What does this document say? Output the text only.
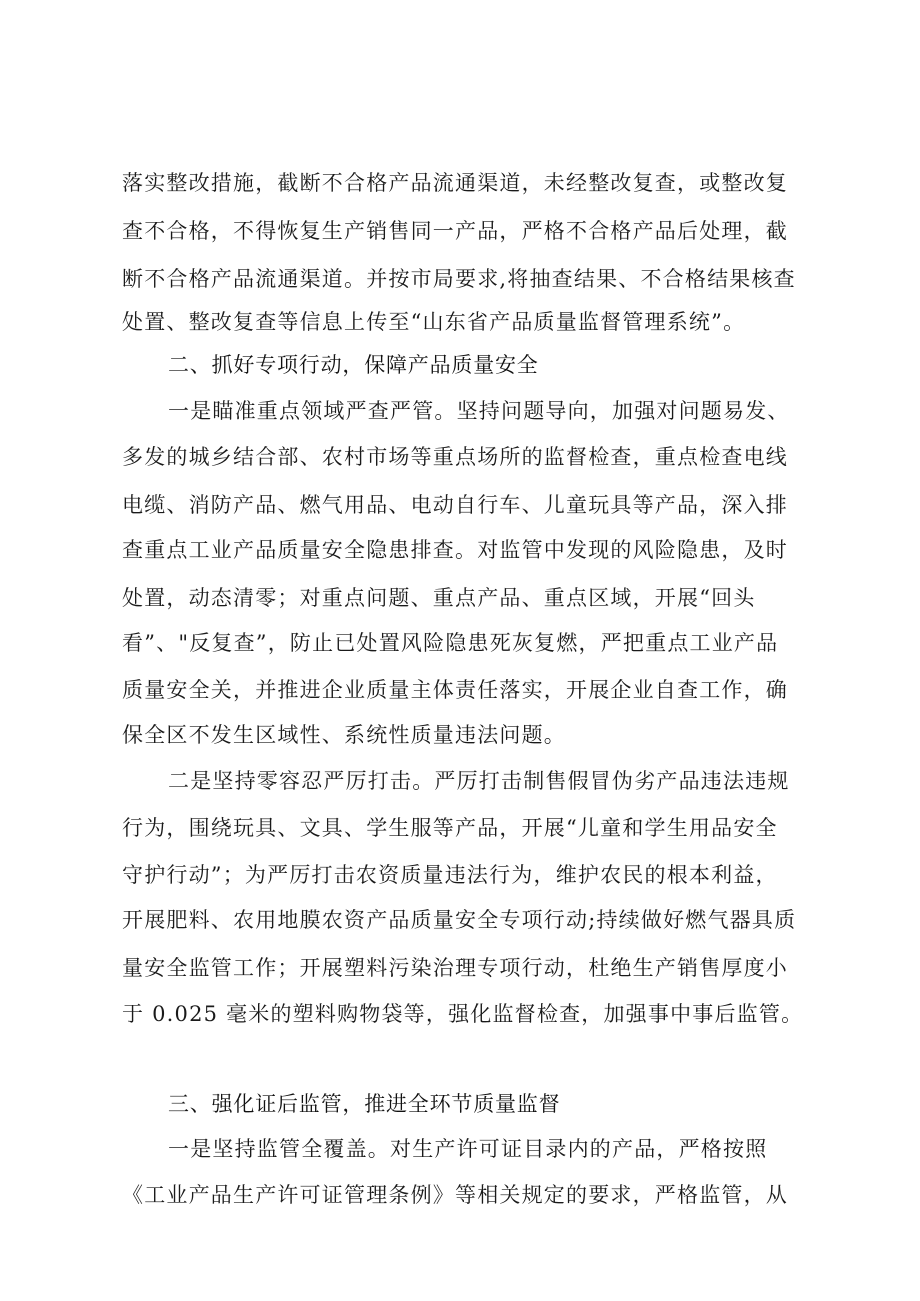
落实整改措施，截断不合格产品流通渠道，未经整改复查，或整改复
查不合格，不得恢复生产销售同一产品，严格不合格产品后处理，截
断不合格产品流通渠道。并按市局要求,将抽查结果、不合格结果核查
处置、整改复查等信息上传至“山东省产品质量监督管理系统”。
一是瞄准重点领域严查严管。坚持问题导向，加强对问题易发、
多发的城乡结合部、农村市场等重点场所的监督检查，重点检查电线
电缆、消防产品、燃气用品、电动自行车、儿童玩具等产品，深入排
查重点工业产品质量安全隐患排查。对监管中发现的风险隐患，及时
处置，动态清零；对重点问题、重点产品、重点区域，开展“回头
看”、"反复查”，防止已处置风险隐患死灰复燃，严把重点工业产品
质量安全关，并推进企业质量主体责任落实，开展企业自查工作，确
保全区不发生区域性、系统性质量违法问题。
二是坚持零容忍严厉打击。严厉打击制售假冒伪劣产品违法违规
行为，围绕玩具、文具、学生服等产品，开展“儿童和学生用品安全
守护行动”；为严厉打击农资质量违法行为，维护农民的根本利益，
开展肥料、农用地膜农资产品质量安全专项行动;持续做好燃气器具质
量安全监管工作；开展塑料污染治理专项行动，杜绝生产销售厚度小
于 0.025 毫米的塑料购物袋等，强化监督检查，加强事中事后监管。
一是坚持监管全覆盖。对生产许可证目录内的产品，严格按照
《工业产品生产许可证管理条例》等相关规定的要求，严格监管，从
二、抓好专项行动，保障产品质量安全
三、强化证后监管，推进全环节质量监督
